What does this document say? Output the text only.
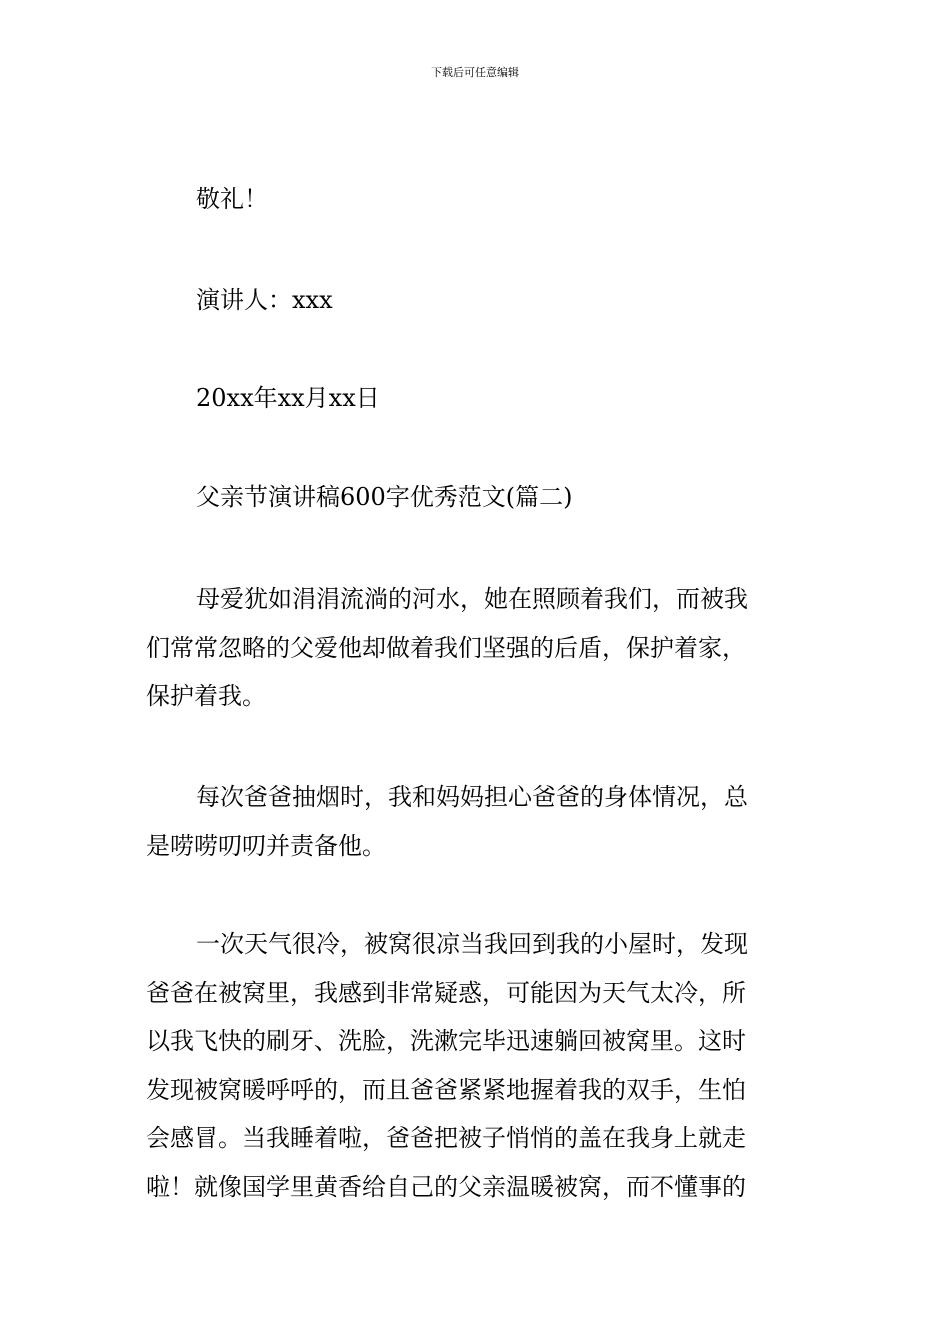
下载后可任意编辑
敬礼！
演讲人：xxx
20xx年xx月xx日
父亲节演讲稿600字优秀范文(篇二)

母爱犹如涓涓流淌的河水，她在照顾着我们，而被我

们常常忽略的父爱他却做着我们坚强的后盾，保护着家，

保护着我。

每次爸爸抽烟时，我和妈妈担心爸爸的身体情况，总

是唠唠叨叨并责备他。

一次天气很冷，被窝很凉当我回到我的小屋时，发现

爸爸在被窝里，我感到非常疑惑，可能因为天气太冷，所

以我飞快的刷牙、洗脸，洗漱完毕迅速躺回被窝里。这时

发现被窝暖呼呼的，而且爸爸紧紧地握着我的双手，生怕

会感冒。当我睡着啦，爸爸把被子悄悄的盖在我身上就走

啦！就像国学里黄香给自己的父亲温暖被窝，而不懂事的
